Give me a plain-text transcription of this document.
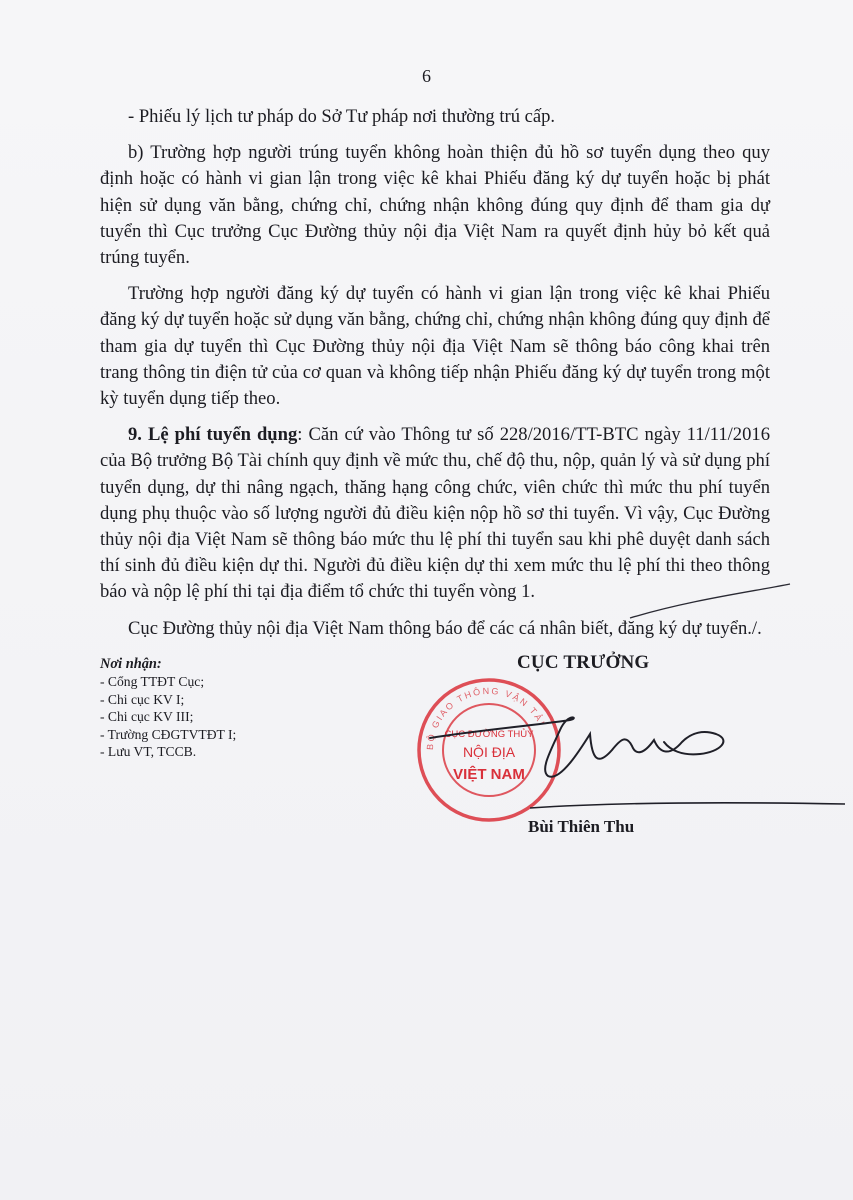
6

- Phiếu lý lịch tư pháp do Sở Tư pháp nơi thường trú cấp.

b) Trường hợp người trúng tuyển không hoàn thiện đủ hồ sơ tuyển dụng theo quy định hoặc có hành vi gian lận trong việc kê khai Phiếu đăng ký dự tuyển hoặc bị phát hiện sử dụng văn bằng, chứng chỉ, chứng nhận không đúng quy định để tham gia dự tuyển thì Cục trưởng Cục Đường thủy nội địa Việt Nam ra quyết định hủy bỏ kết quả trúng tuyển.

Trường hợp người đăng ký dự tuyển có hành vi gian lận trong việc kê khai Phiếu đăng ký dự tuyển hoặc sử dụng văn bằng, chứng chỉ, chứng nhận không đúng quy định để tham gia dự tuyển thì Cục Đường thủy nội địa Việt Nam sẽ thông báo công khai trên trang thông tin điện tử của cơ quan và không tiếp nhận Phiếu đăng ký dự tuyển trong một kỳ tuyển dụng tiếp theo.

9. Lệ phí tuyển dụng: Căn cứ vào Thông tư số 228/2016/TT-BTC ngày 11/11/2016 của Bộ trưởng Bộ Tài chính quy định về mức thu, chế độ thu, nộp, quản lý và sử dụng phí tuyển dụng, dự thi nâng ngạch, thăng hạng công chức, viên chức thì mức thu phí tuyển dụng phụ thuộc vào số lượng người đủ điều kiện nộp hồ sơ thi tuyển. Vì vậy, Cục Đường thủy nội địa Việt Nam sẽ thông báo mức thu lệ phí thi tuyển sau khi phê duyệt danh sách thí sinh đủ điều kiện dự thi. Người đủ điều kiện dự thi xem mức thu lệ phí thi theo thông báo và nộp lệ phí thi tại địa điểm tổ chức thi tuyển vòng 1.

Cục Đường thủy nội địa Việt Nam thông báo để các cá nhân biết, đăng ký dự tuyển./.

Nơi nhận:
- Cổng TTĐT Cục;
- Chi cục KV I;
- Chi cục KV III;
- Trường CĐGTVTĐT I;
- Lưu VT, TCCB.
CỤC TRƯỞNG
BỘ GIAO THÔNG VẬN TẢI
CỤC ĐƯỜNG THỦY
NỘI ĐỊA
VIỆT NAM
Bùi Thiên Thu
